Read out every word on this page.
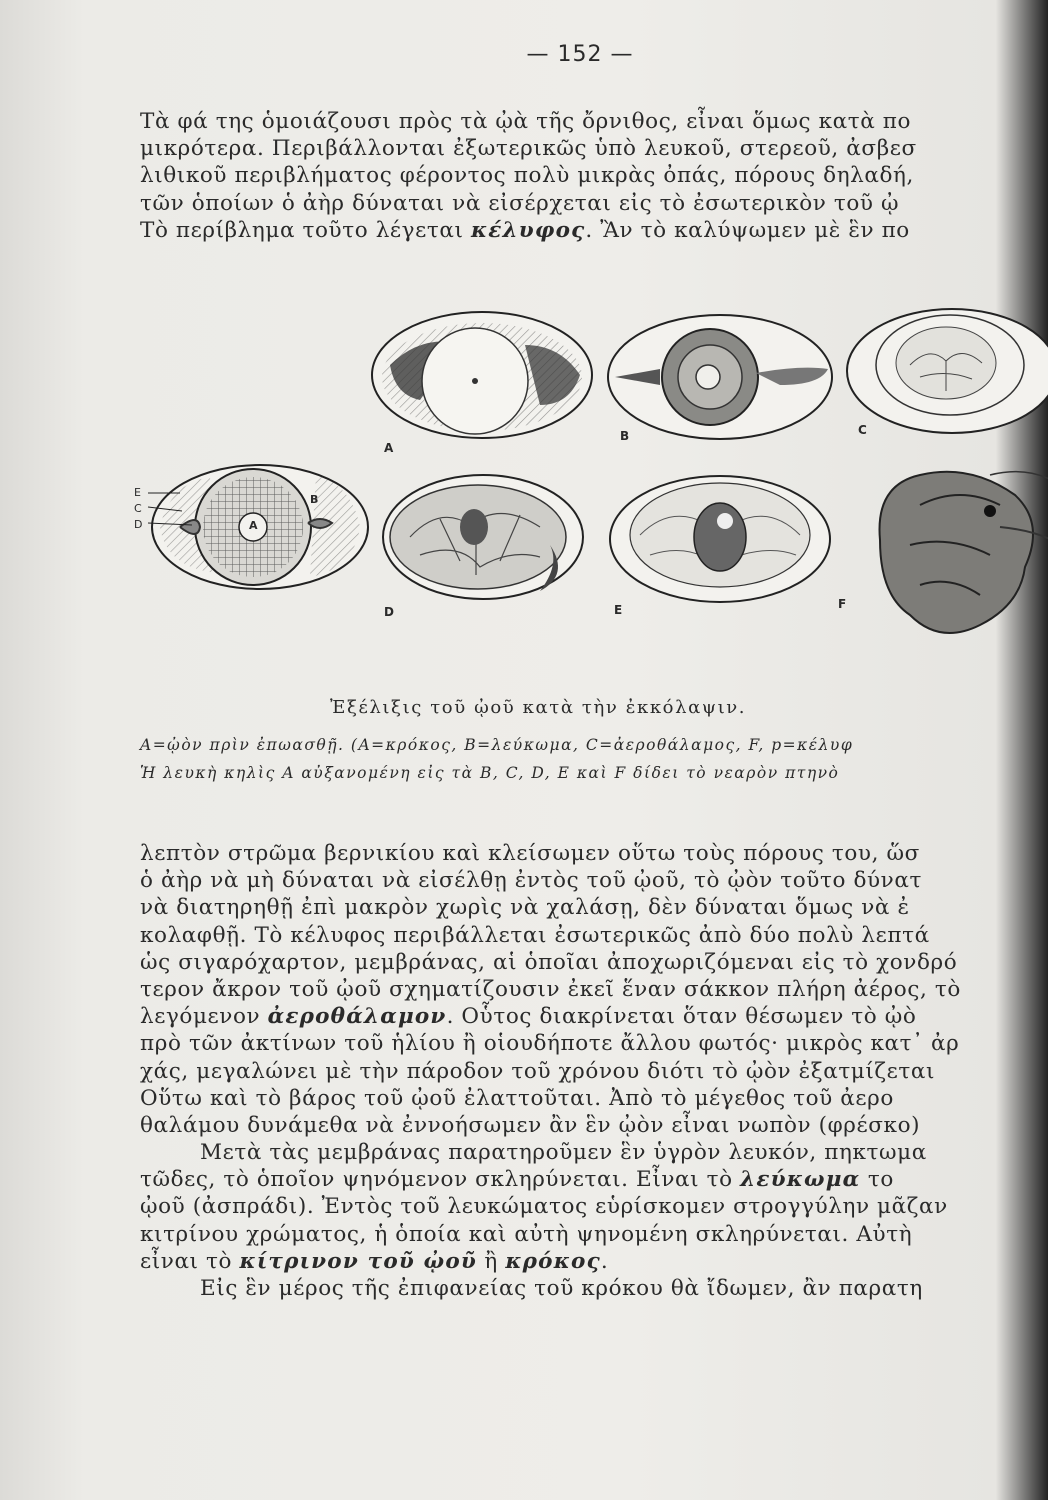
— 152 —
Τὰ φά της ὁμοιάζουσι πρὸς τὰ ᾠὰ τῆς ὄρνιθος, εἶναι ὅμως κατὰ πο
μικρότερα. Περιβάλλονται ἐξωτερικῶς ὑπὸ λευκοῦ, στερεοῦ, ἀσβεσ
λιθικοῦ περιβλήματος φέροντος πολὺ μικρὰς ὀπάς, πόρους δηλαδή,
τῶν ὁποίων ὁ ἀὴρ δύναται νὰ εἰσέρχεται εἰς τὸ ἐσωτερικὸν τοῦ ᾠ
Τὸ περίβλημα τοῦτο λέγεται κέλυφος. Ἂν τὸ καλύψωμεν μὲ ἓν πο
A
B	C
D	E	F
E
C
D	A
B
Ἐξέλιξις τοῦ ᾠοῦ κατὰ τὴν ἐκκόλαψιν.
A=ᾠὸν πρὶν ἐπωασθῇ. (A=κρόκος, B=λεύκωμα, C=ἀεροθάλαμος, F, p=κέλυφ
Ἡ λευκὴ κηλὶς A αὐξανομένη εἰς τὰ B, C, D, E καὶ F δίδει τὸ νεαρὸν πτηνὸ
λεπτὸν στρῶμα βερνικίου καὶ κλείσωμεν οὕτω τοὺς πόρους του, ὥσ
ὁ ἀὴρ νὰ μὴ δύναται νὰ εἰσέλθῃ ἐντὸς τοῦ ᾠοῦ, τὸ ᾠὸν τοῦτο δύνατ
νὰ διατηρηθῇ ἐπὶ μακρὸν χωρὶς νὰ χαλάσῃ, δὲν δύναται ὅμως νὰ ἐ
κολαφθῇ. Τὸ κέλυφος περιβάλλεται ἐσωτερικῶς ἀπὸ δύο πολὺ λεπτά
ὡς σιγαρόχαρτον, μεμβράνας, αἱ ὁποῖαι ἀποχωριζόμεναι εἰς τὸ χονδρό
τερον ἄκρον τοῦ ᾠοῦ σχηματίζουσιν ἐκεῖ ἕναν σάκκον πλήρη ἀέρος, τὸ
λεγόμενον ἀεροθάλαμον. Οὗτος διακρίνεται ὅταν θέσωμεν τὸ ᾠὸ
πρὸ τῶν ἀκτίνων τοῦ ἡλίου ἢ οἱουδήποτε ἄλλου φωτός· μικρὸς κατ᾽ ἀρ
χάς, μεγαλώνει μὲ τὴν πάροδον τοῦ χρόνου διότι τὸ ᾠὸν ἐξατμίζεται
Οὕτω καὶ τὸ βάρος τοῦ ᾠοῦ ἐλαττοῦται. Ἀπὸ τὸ μέγεθος τοῦ ἀερο
θαλάμου δυνάμεθα νὰ ἐννοήσωμεν ἂν ἓν ᾠὸν εἶναι νωπὸν (φρέσκο)
Μετὰ τὰς μεμβράνας παρατηροῦμεν ἓν ὑγρὸν λευκόν, πηκτωμα
τῶδες, τὸ ὁποῖον ψηνόμενον σκληρύνεται. Εἶναι τὸ λεύκωμα το
ᾠοῦ (ἀσπράδι). Ἐντὸς τοῦ λευκώματος εὑρίσκομεν στρογγύλην μᾶζαν
κιτρίνου χρώματος, ἡ ὁποία καὶ αὐτὴ ψηνομένη σκληρύνεται. Αὐτὴ
εἶναι τὸ κίτρινον τοῦ ᾠοῦ ἢ κρόκος.
Εἰς ἓν μέρος τῆς ἐπιφανείας τοῦ κρόκου θὰ ἴδωμεν, ἂν παρατη
